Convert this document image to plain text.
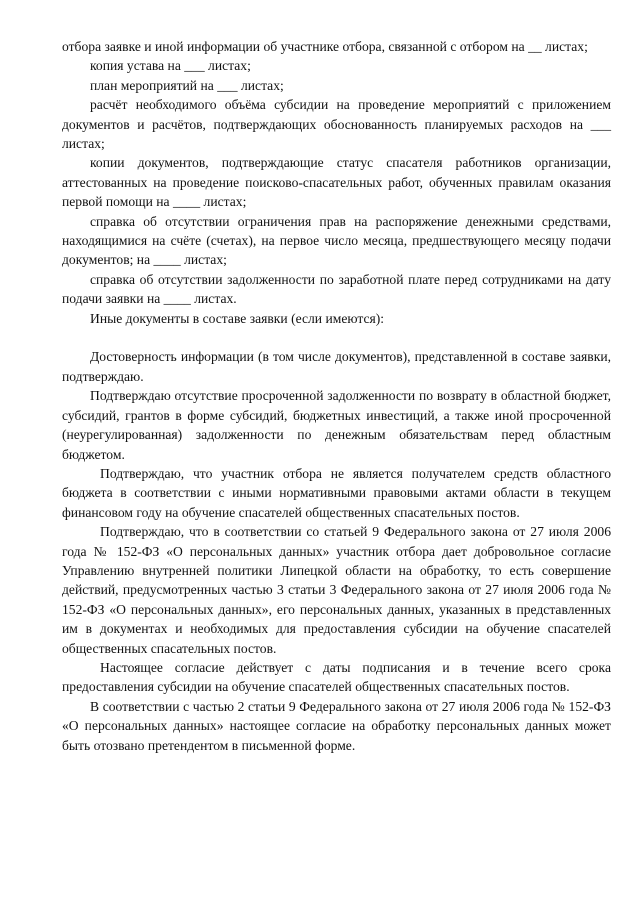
отбора заявке и иной информации об участнике отбора, связанной с отбором на __ листах;

копия устава на ___ листах;

план мероприятий на ___ листах;

расчёт необходимого объёма субсидии на проведение мероприятий с приложением документов и расчётов, подтверждающих обоснованность планируемых расходов на ___ листах;

копии документов, подтверждающие статус спасателя работников организации, аттестованных на проведение поисково-спасательных работ, обученных правилам оказания первой помощи на ____ листах;

справка об отсутствии ограничения прав на распоряжение денежными средствами, находящимися на счёте (счетах), на первое число месяца, предшествующего месяцу подачи документов; на ____ листах;

справка об отсутствии задолженности по заработной плате перед сотрудниками на дату подачи заявки на ____ листах.

Иные документы в составе заявки (если имеются):

Достоверность информации (в том числе документов), представленной в составе заявки, подтверждаю.

Подтверждаю отсутствие просроченной задолженности по возврату в областной бюджет, субсидий, грантов в форме субсидий, бюджетных инвестиций, а также иной просроченной (неурегулированная) задолженности по денежным обязательствам перед областным бюджетом.

Подтверждаю, что участник отбора не является получателем средств областного бюджета в соответствии с иными нормативными правовыми актами области в текущем финансовом году на обучение спасателей общественных спасательных постов.

Подтверждаю, что в соответствии со статьей 9 Федерального закона от 27 июля 2006 года № 152-ФЗ «О персональных данных» участник отбора дает добровольное согласие Управлению внутренней политики Липецкой области на обработку, то есть совершение действий, предусмотренных частью 3 статьи 3 Федерального закона от 27 июля 2006 года № 152-ФЗ «О персональных данных», его персональных данных, указанных в представленных им в документах и необходимых для предоставления субсидии на обучение спасателей общественных спасательных постов.

Настоящее согласие действует с даты подписания и в течение всего срока предоставления субсидии на обучение спасателей общественных спасательных постов.

В соответствии с частью 2 статьи 9 Федерального закона от 27 июля 2006 года № 152-ФЗ «О персональных данных» настоящее согласие на обработку персональных данных может быть отозвано претендентом в письменной форме.
